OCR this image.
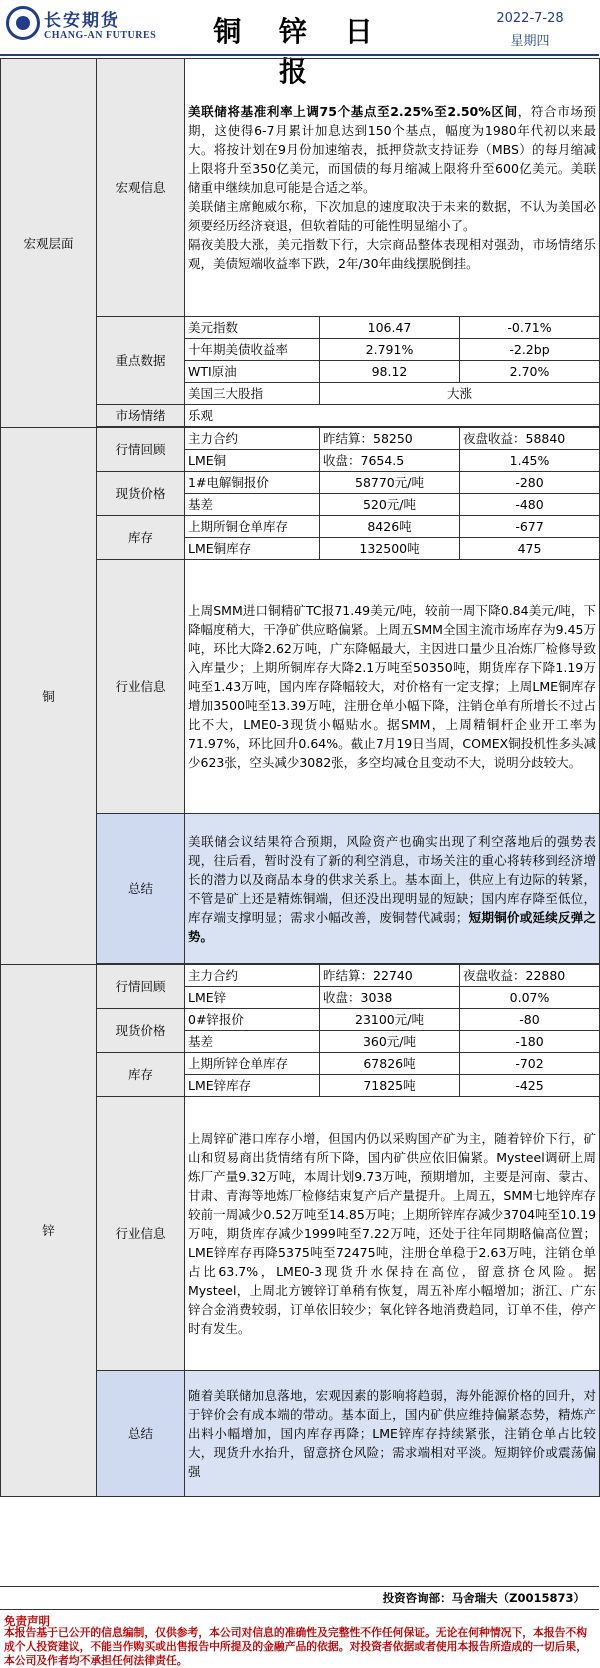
长安期货
CHANG-AN FUTURES	铜 锌 日 报
2022-7-28
星期四
宏观层面	宏观信息	美联储将基准利率上调75个基点至2.25%至2.50%区间，符合市场预期，这使得6-7月累计加息达到150个基点，幅度为1980年代初以来最大。将按计划在9月份加速缩表，抵押贷款支持证券（MBS）的每月缩减上限将升至350亿美元，而国债的每月缩减上限将升至600亿美元。美联储重申继续加息可能是合适之举。

美联储主席鲍威尔称，下次加息的速度取决于未来的数据，不认为美国必须要经历经济衰退，但软着陆的可能性明显缩小了。

隔夜美股大涨，美元指数下行，大宗商品整体表现相对强劲，市场情绪乐观，美债短端收益率下跌，2年/30年曲线摆脱倒挂。		

	重点数据	美元指数	106.47	-0.71%
		十年期美债收益率	2.791%	-2.2bp
		WTI原油	98.12	2.70%
		美国三大股指	大涨	
	市场情绪	乐观		

铜	行情回顾	主力合约	昨结算：58250	夜盘收益：58840
		LME铜	收盘：7654.5	1.45%
	现货价格	1#电解铜报价	58770元/吨	-280
		基差	520元/吨	-480
	库存	上期所铜仓单库存	8426吨	-677
		LME铜库存	132500吨	475
	行业信息	上周SMM进口铜精矿TC报71.49美元/吨，较前一周下降0.84美元/吨，下降幅度稍大，干净矿供应略偏紧。上周五SMM全国主流市场库存为9.45万吨，环比大降2.62万吨，广东降幅最大，主因进口量少且冶炼厂检修导致入库量少；上期所铜库存大降2.1万吨至50350吨，期货库存下降1.19万吨至1.43万吨，国内库存降幅较大，对价格有一定支撑；上周LME铜库存增加3500吨至13.39万吨，注册仓单小幅下降，注销仓单有所增长不过占比不大，LME0-3现货小幅贴水。据SMM，上周精铜杆企业开工率为71.97%，环比回升0.64%。截止7月19日当周，COMEX铜投机性多头减少623张，空头减少3082张，多空均减仓且变动不大，说明分歧较大。		
	总结	美联储会议结果符合预期，风险资产也确实出现了利空落地后的强势表现，往后看，暂时没有了新的利空消息，市场关注的重心将转移到经济增长的潜力以及商品本身的供求关系上。基本面上，供应上有边际的转紧，不管是矿上还是精炼铜端，但还没出现明显的短缺；国内库存降至低位，库存端支撑明显；需求小幅改善，废铜替代减弱；短期铜价或延续反弹之势。		

锌	行情回顾	主力合约	昨结算：22740	夜盘收益：22880
		LME锌	收盘：3038	0.07%
	现货价格	0#锌报价	23100元/吨	-80
		基差	360元/吨	-180
	库存	上期所锌仓单库存	67826吨	-702
		LME锌库存	71825吨	-425
	行业信息	上周锌矿港口库存小增，但国内仍以采购国产矿为主，随着锌价下行，矿山和贸易商出货情绪有所下降，国内矿供应依旧偏紧。Mysteel调研上周炼厂产量9.32万吨，本周计划9.73万吨，预期增加，主要是河南、蒙古、甘肃、青海等地炼厂检修结束复产后产量提升。上周五，SMM七地锌库存较前一周减少0.52万吨至14.85万吨；上期所锌库存减少3704吨至10.19万吨，期货库存减少1999吨至7.22万吨，还处于往年同期略偏高位置；LME锌库存再降5375吨至72475吨，注册仓单稳于2.63万吨，注销仓单占比63.7%，LME0-3现货升水保持在高位，留意挤仓风险。据Mysteel，上周北方镀锌订单稍有恢复，周五补库小幅增加；浙江、广东锌合金消费较弱，订单依旧较少；氧化锌各地消费趋同，订单不佳，停产时有发生。		
	总结	随着美联储加息落地，宏观因素的影响将趋弱，海外能源价格的回升，对于锌价会有成本端的带动。基本面上，国内矿供应维持偏紧态势，精炼产出料小幅增加，国内库存再降；LME锌库存持续紧张，注销仓单占比较大，现货升水抬升，留意挤仓风险；需求端相对平淡。短期锌价或震荡偏强		
投资咨询部：马舍瑞夫（Z0015873）
免责声明
本报告基于已公开的信息编制，仅供参考，本公司对信息的准确性及完整性不作任何保证。无论在何种情况下，本报告不构成个人投资建议，不能当作购买或出售报告中所提及的金融产品的依据。对投资者依据或者使用本报告所造成的一切后果，本公司及作者均不承担任何法律责任。
